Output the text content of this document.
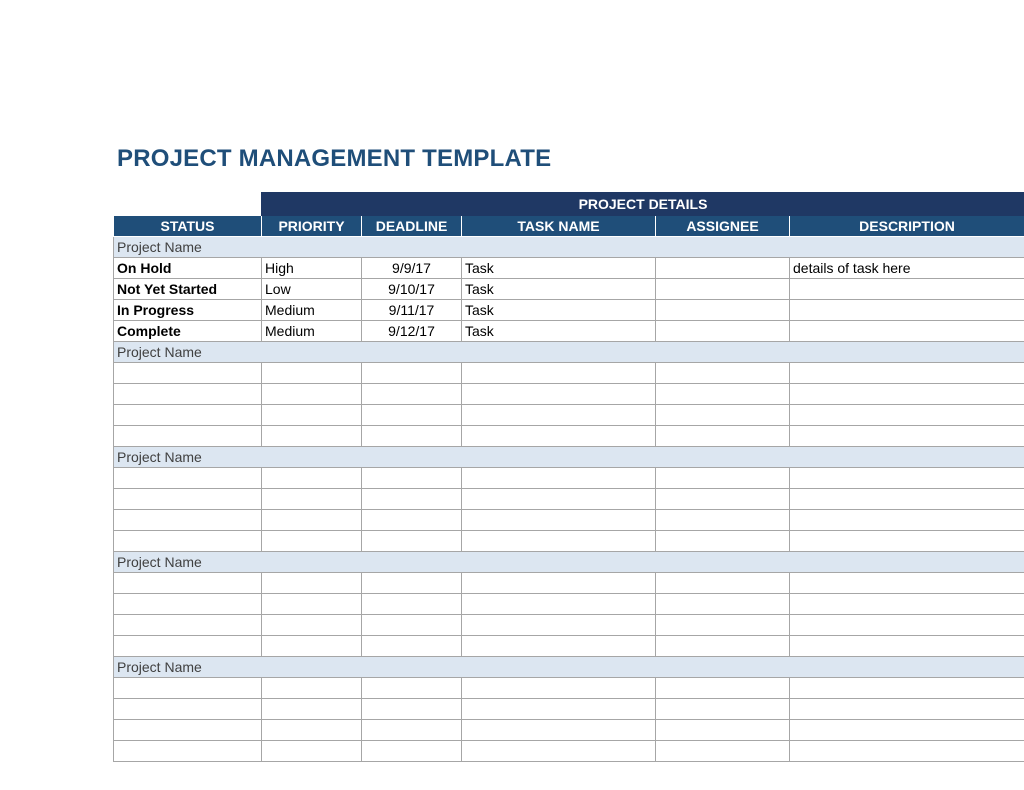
PROJECT MANAGEMENT TEMPLATE
PROJECT DETAILS
STATUS	PRIORITY	DEADLINE	TASK NAME	ASSIGNEE	DESCRIPTION
Project Name					
On Hold	High	9/9/17	Task		details of task here
Not Yet Started	Low	9/10/17	Task		
In Progress	Medium	9/11/17	Task		
Complete	Medium	9/12/17	Task		
Project Name					

Project Name					

Project Name					

Project Name					
